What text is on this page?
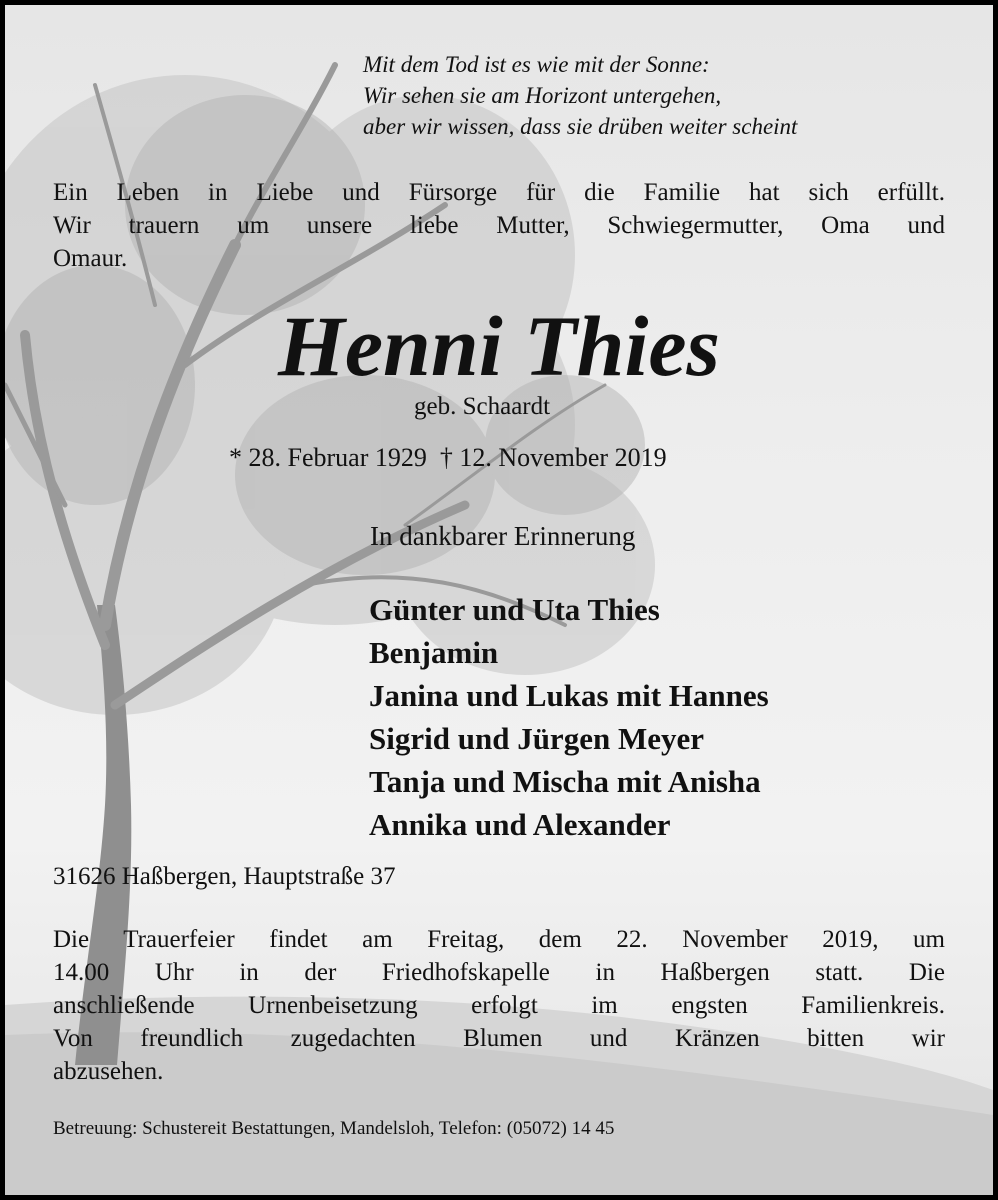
Mit dem Tod ist es wie mit der Sonne:
Wir sehen sie am Horizont untergehen,
aber wir wissen, dass sie drüben weiter scheint
Ein Leben in Liebe und Fürsorge für die Familie hat sich erfüllt.
Wir trauern um unsere liebe Mutter, Schwiegermutter, Oma und
Omaur.
Henni Thies
geb. Schaardt
* 28. Februar 1929  † 12. November 2019
In dankbarer Erinnerung
Günter und Uta Thies
Benjamin
Janina und Lukas mit Hannes
Sigrid und Jürgen Meyer
Tanja und Mischa mit Anisha
Annika und Alexander
31626 Haßbergen, Hauptstraße 37
Die Trauerfeier findet am Freitag, dem 22. November 2019, um
14.00 Uhr in der Friedhofskapelle in Haßbergen statt. Die
anschließende Urnenbeisetzung erfolgt im engsten Familienkreis.
Von freundlich zugedachten Blumen und Kränzen bitten wir
abzusehen.
Betreuung: Schustereit Bestattungen, Mandelsloh, Telefon: (05072) 14 45
